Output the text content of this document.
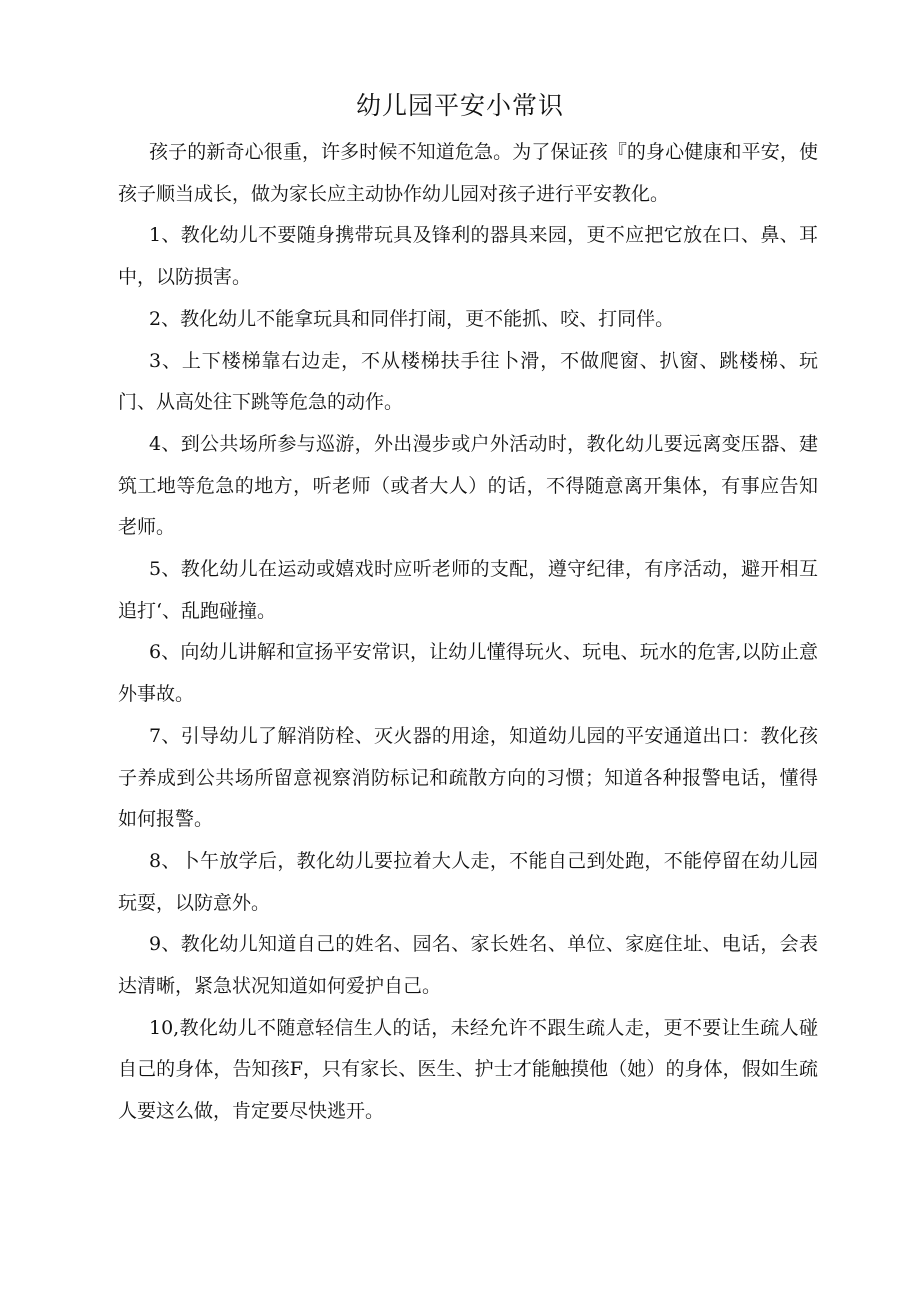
幼儿园平安小常识

孩子的新奇心很重，许多时候不知道危急。为了保证孩『的身心健康和平安，使孩子顺当成长，做为家长应主动协作幼儿园对孩子进行平安教化。

1、教化幼儿不要随身携带玩具及锋利的器具来园，更不应把它放在口、鼻、耳中，以防损害。

2、教化幼儿不能拿玩具和同伴打闹，更不能抓、咬、打同伴。

3、上下楼梯靠右边走，不从楼梯扶手往卜滑，不做爬窗、扒窗、跳楼梯、玩门、从高处往下跳等危急的动作。

4、到公共场所参与巡游，外出漫步或户外活动时，教化幼儿要远离变压器、建筑工地等危急的地方，听老师（或者大人）的话，不得随意离开集体，有事应告知老师。

5、教化幼儿在运动或嬉戏时应听老师的支配，遵守纪律，有序活动，避开相互追打‘、乱跑碰撞。

6、向幼儿讲解和宣扬平安常识，让幼儿懂得玩火、玩电、玩水的危害,以防止意外事故。

7、引导幼儿了解消防栓、灭火器的用途，知道幼儿园的平安通道出口：教化孩子养成到公共场所留意视察消防标记和疏散方向的习惯；知道各种报警电话，懂得如何报警。

8、卜午放学后，教化幼儿要拉着大人走，不能自己到处跑，不能停留在幼儿园玩耍，以防意外。

9、教化幼儿知道自己的姓名、园名、家长姓名、单位、家庭住址、电话，会表达清晰，紧急状况知道如何爱护自己。

10,教化幼儿不随意轻信生人的话，未经允许不跟生疏人走，更不要让生疏人碰自己的身体，告知孩F，只有家长、医生、护士才能触摸他（她）的身体，假如生疏人要这么做，肯定要尽快逃开。
